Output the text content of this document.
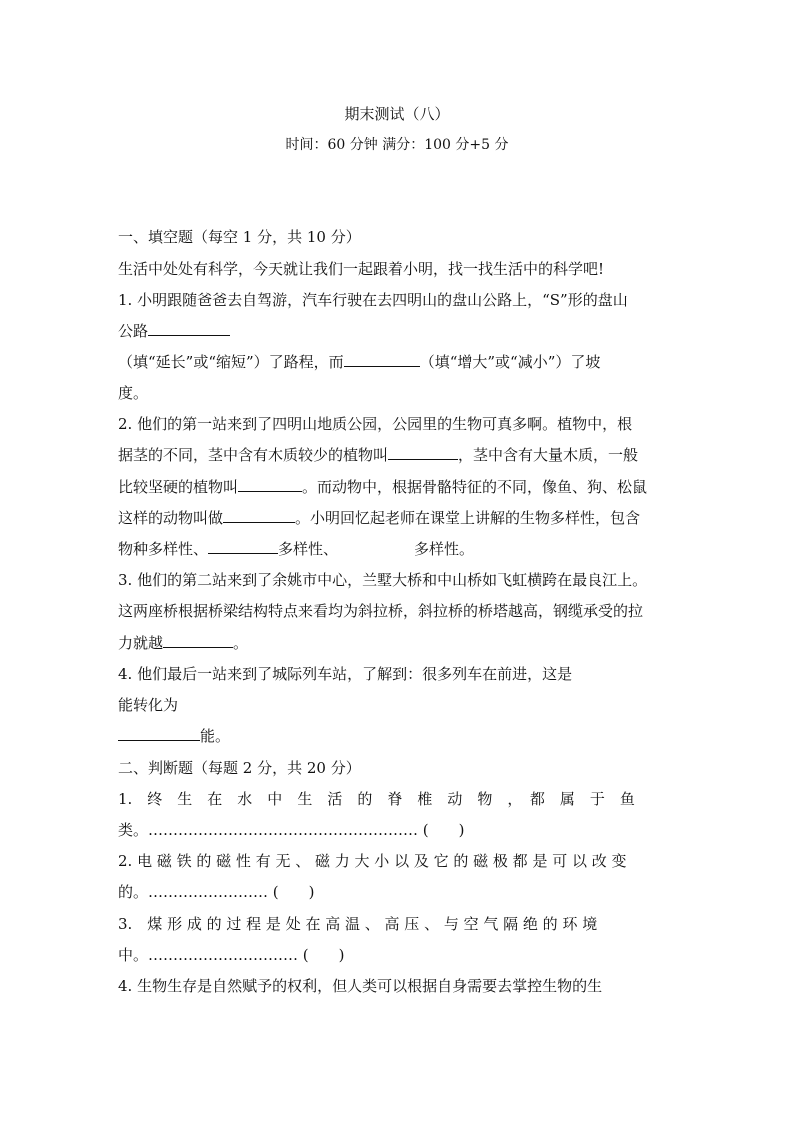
期末测试（八）
时间：60 分钟 满分：100 分+5 分
一、填空题（每空 1 分，共 10 分）
生活中处处有科学，今天就让我们一起跟着小明，找一找生活中的科学吧!
1. 小明跟随爸爸去自驾游，汽车行驶在去四明山的盘山公路上，“S”形的盘山
公路
（填“延长”或“缩短”）了路程，而	（填“增大”或“减小”）了坡
度。
2. 他们的第一站来到了四明山地质公园，公园里的生物可真多啊。植物中，根
据茎的不同，茎中含有木质较少的植物叫	，茎中含有大量木质，一般
比较坚硬的植物叫	。而动物中，根据骨骼特征的不同，像鱼、狗、松鼠
这样的动物叫做	。小明回忆起老师在课堂上讲解的生物多样性，包含
物种多样性、	多样性、	多样性。
3. 他们的第二站来到了余姚市中心，兰墅大桥和中山桥如飞虹横跨在最良江上。
这两座桥根据桥梁结构特点来看均为斜拉桥，斜拉桥的桥塔越高，钢缆承受的拉
力就越	。
4. 他们最后一站来到了城际列车站，了解到：很多列车在前进，这是
能转化为
能。
二、判断题（每题 2 分，共 20 分）
1.　终　生　在　水　中　生　活　的　脊　椎　动　物　，　都　属　于　鱼
类。……………………………………………… (　　)
2. 电 磁 铁 的 磁 性 有 无 、 磁 力 大 小 以 及 它 的 磁 极 都 是 可 以 改 变
的。…………………… (　　)
3.　煤 形 成 的 过 程 是 处 在 高 温 、 高 压 、 与 空 气 隔 绝 的 环 境
中。………………………… (　　)
4. 生物生存是自然赋予的权利，但人类可以根据自身需要去掌控生物的生
